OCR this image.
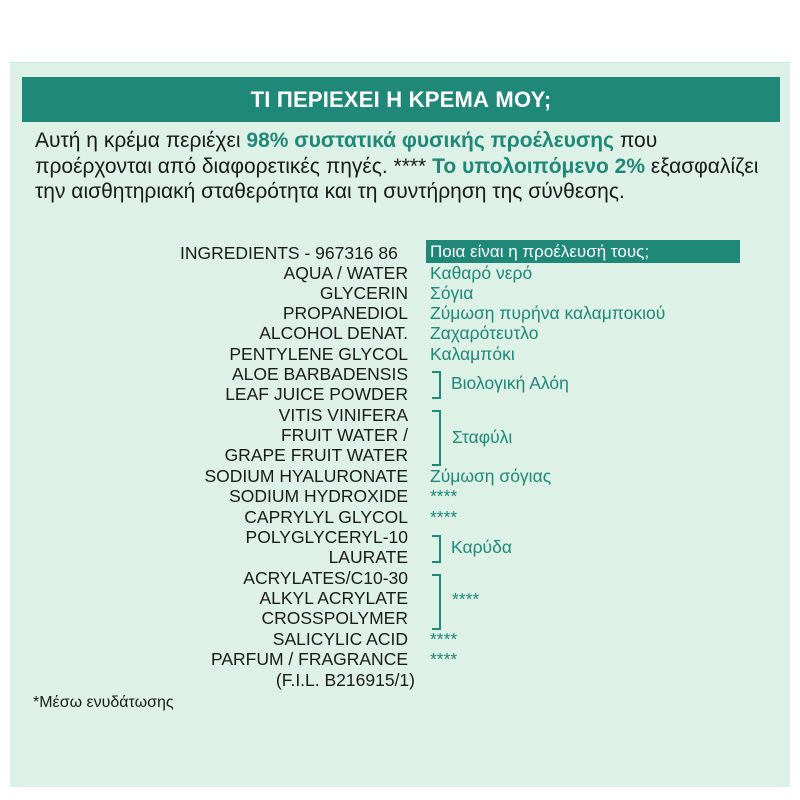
ΤΙ ΠΕΡΙΕΧΕΙ Η ΚΡΕΜΑ ΜΟΥ;
Αυτή η κρέμα περιέχει 98% συστατικά φυσικής προέλευσης που προέρχονται από διαφορετικές πηγές. **** Το υπολοιπόμενο 2% εξασφαλίζει την αισθητηριακή σταθερότητα και τη συντήρηση της σύνθεσης.
INGREDIENTS - 967316 86 Ποια είναι η προέλευσή τους;
AQUA / WATER
GLYCERIN
PROPANEDIOL
ALCOHOL DENAT.
PENTYLENE GLYCOL
ALOE BARBADENSIS
LEAF JUICE POWDER
VITIS VINIFERA
FRUIT WATER /
GRAPE FRUIT WATER
SODIUM HYALURONATE
SODIUM HYDROXIDE
CAPRYLYL GLYCOL
POLYGLYCERYL-10
LAURATE
ACRYLATES/C10-30
ALKYL ACRYLATE
CROSSPOLYMER
SALICYLIC ACID
PARFUM / FRAGRANCE
(F.I.L. B216915/1)
Καθαρό νερό
Σόγια
Ζύμωση πυρήνα καλαμποκιού
Ζαχαρότευτλο
Καλαμπόκι
Βιολογική Αλόη
Σταφύλι
Ζύμωση σόγιας
****
****
Καρύδα
****
****
****
*Μέσω ενυδάτωσης
